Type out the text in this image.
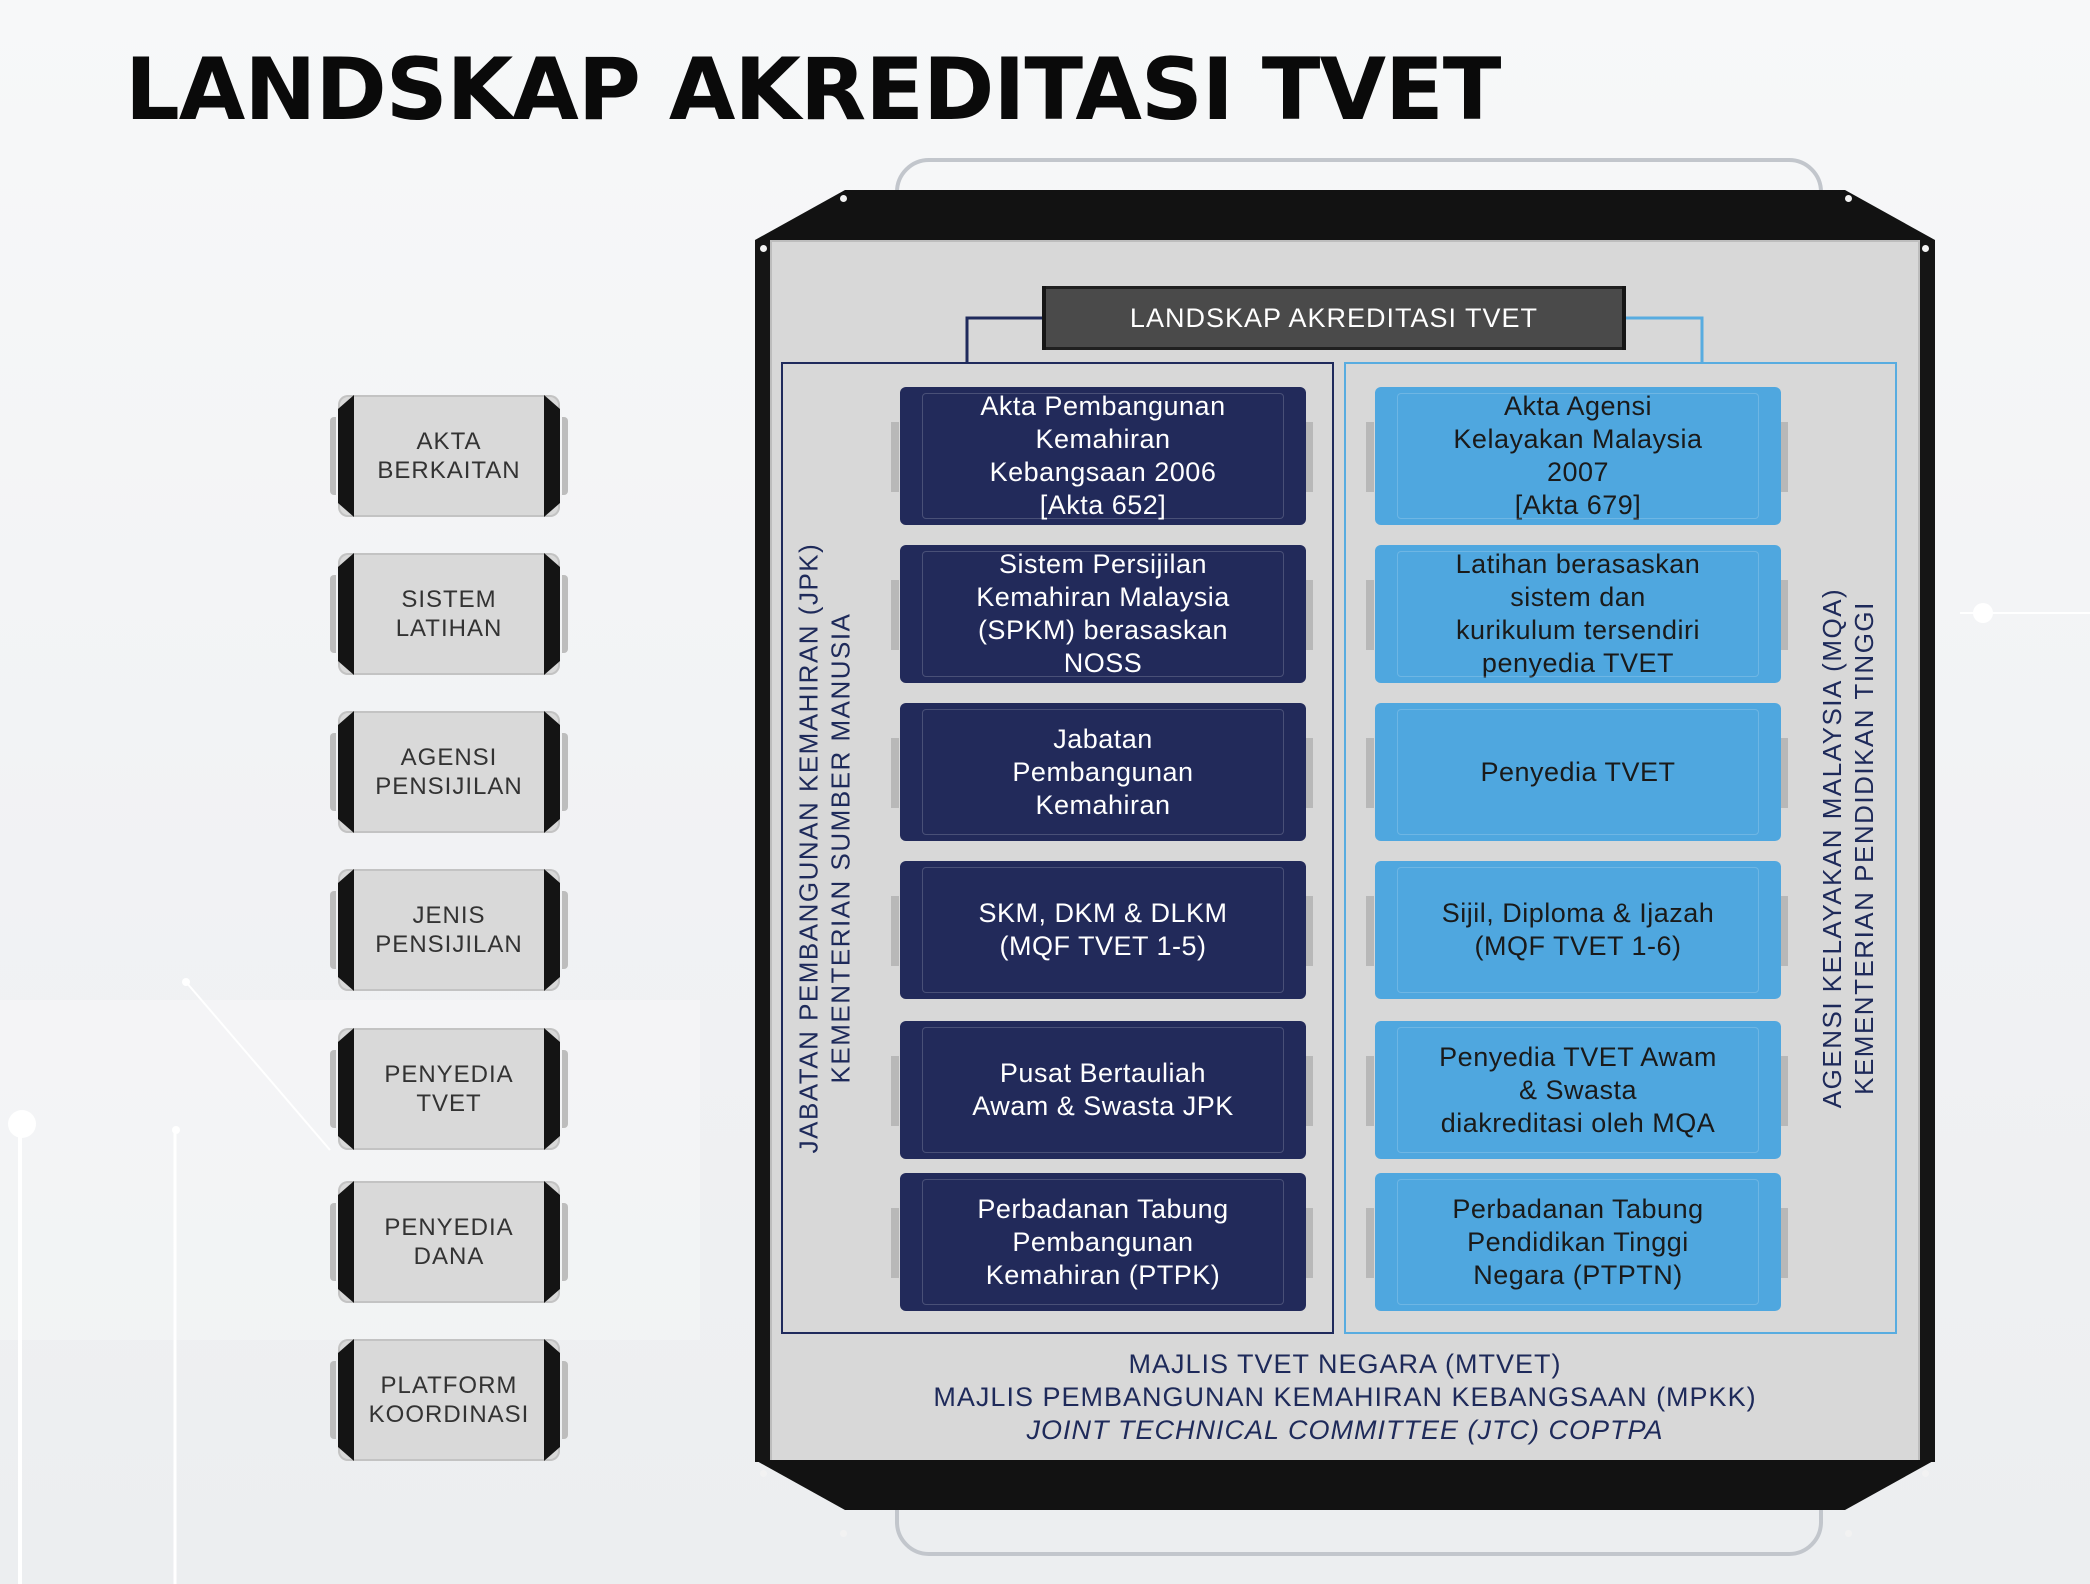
LANDSKAP AKREDITASI TVET
AKTA
BERKAITAN
SISTEM
LATIHAN
AGENSI
PENSIJILAN
JENIS
PENSIJILAN
PENYEDIA
TVET
PENYEDIA
DANA
PLATFORM
KOORDINASI
LANDSKAP AKREDITASI TVET
JABATAN PEMBANGUNAN KEMAHIRAN (JPK) KEMENTERIAN SUMBER MANUSIA	AGENSI KELAYAKAN MALAYSIA (MQA) KEMENTERIAN PENDIDIKAN TINGGI
Akta Pembangunan
Kemahiran
Kebangsaan 2006
[Akta 652]
Sistem Persijilan
Kemahiran Malaysia
(SPKM) berasaskan
NOSS
Jabatan
Pembangunan
Kemahiran
SKM, DKM & DLKM
(MQF TVET 1-5)
Pusat Bertauliah
Awam & Swasta JPK
Perbadanan Tabung
Pembangunan
Kemahiran (PTPK)
Akta Agensi
Kelayakan Malaysia
2007
[Akta 679]
Latihan berasaskan
sistem dan
kurikulum tersendiri
penyedia TVET
Penyedia TVET
Sijil, Diploma & Ijazah
(MQF TVET 1-6)
Penyedia TVET Awam
& Swasta
diakreditasi oleh MQA
Perbadanan Tabung
Pendidikan Tinggi
Negara (PTPTN)
MAJLIS TVET NEGARA (MTVET)
MAJLIS PEMBANGUNAN KEMAHIRAN KEBANGSAAN (MPKK)
JOINT TECHNICAL COMMITTEE (JTC) COPTPA
